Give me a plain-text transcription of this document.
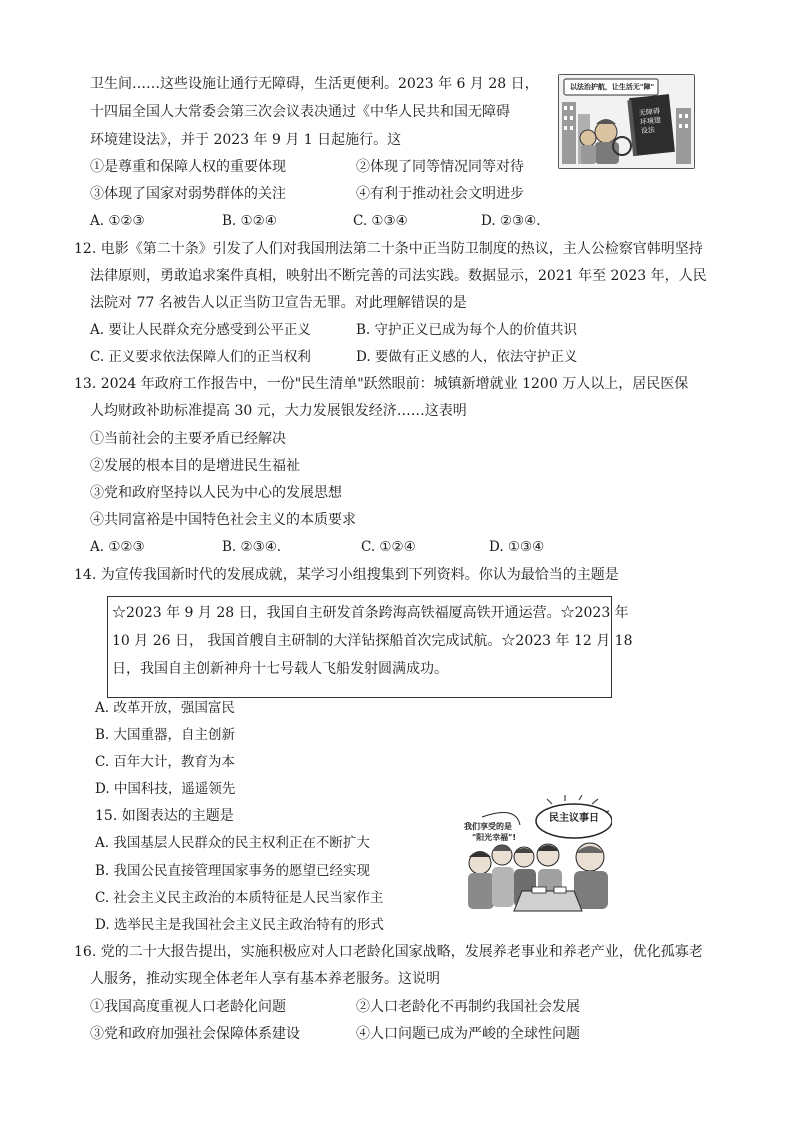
卫生间……这些设施让通行无障碍，生活更便利。2023 年 6 月 28 日，
十四届全国人大常委会第三次会议表决通过《中华人民共和国无障碍
环境建设法》，并于 2023 年 9 月 1 日起施行。这
①是尊重和保障人权的重要体现	②体现了同等情况同等对待
③体现了国家对弱势群体的关注	④有利于推动社会文明进步
A. ①②③	B. ①②④	C. ①③④	D. ②③④.
以法治护航，让生活无"障"
无障碍环境建设法
12. 电影《第二十条》引发了人们对我国刑法第二十条中正当防卫制度的热议，主人公检察官韩明坚持
法律原则，勇敢追求案件真相，映射出不断完善的司法实践。数据显示，2021 年至 2023 年，人民
法院对 77 名被告人以正当防卫宣告无罪。对此理解错误的是
A. 要让人民群众充分感受到公平正义	B. 守护正义已成为每个人的价值共识
C. 正义要求依法保障人们的正当权利	D. 要做有正义感的人，依法守护正义
13. 2024 年政府工作报告中，一份"民生清单"跃然眼前：城镇新增就业 1200 万人以上，居民医保
人均财政补助标准提高 30 元，大力发展银发经济……这表明
①当前社会的主要矛盾已经解决
②发展的根本目的是增进民生福祉
③党和政府坚持以人民为中心的发展思想
④共同富裕是中国特色社会主义的本质要求
A. ①②③	B. ②③④.	C. ①②④	D. ①③④
14. 为宣传我国新时代的发展成就，某学习小组搜集到下列资料。你认为最恰当的主题是
☆2023 年 9 月 28 日，我国自主研发首条跨海高铁福厦高铁开通运营。☆2023 年
10 月 26 日， 我国首艘自主研制的大洋钻探船首次完成试航。☆2023 年 12 月 18
日，我国自主创新神舟十七号载人飞船发射圆满成功。
A. 改革开放，强国富民
B. 大国重器，自主创新
C. 百年大计，教育为本
D. 中国科技，遥遥领先
15. 如图表达的主题是
A. 我国基层人民群众的民主权利正在不断扩大
B. 我国公民直接管理国家事务的愿望已经实现
C. 社会主义民主政治的本质特征是人民当家作主
D. 选举民主是我国社会主义民主政治特有的形式
民主议事日
我们享受的是
"阳光幸福"!
16. 党的二十大报告提出，实施积极应对人口老龄化国家战略，发展养老事业和养老产业，优化孤寡老
人服务，推动实现全体老年人享有基本养老服务。这说明
①我国高度重视人口老龄化问题	②人口老龄化不再制约我国社会发展
③党和政府加强社会保障体系建设	④人口问题已成为严峻的全球性问题
